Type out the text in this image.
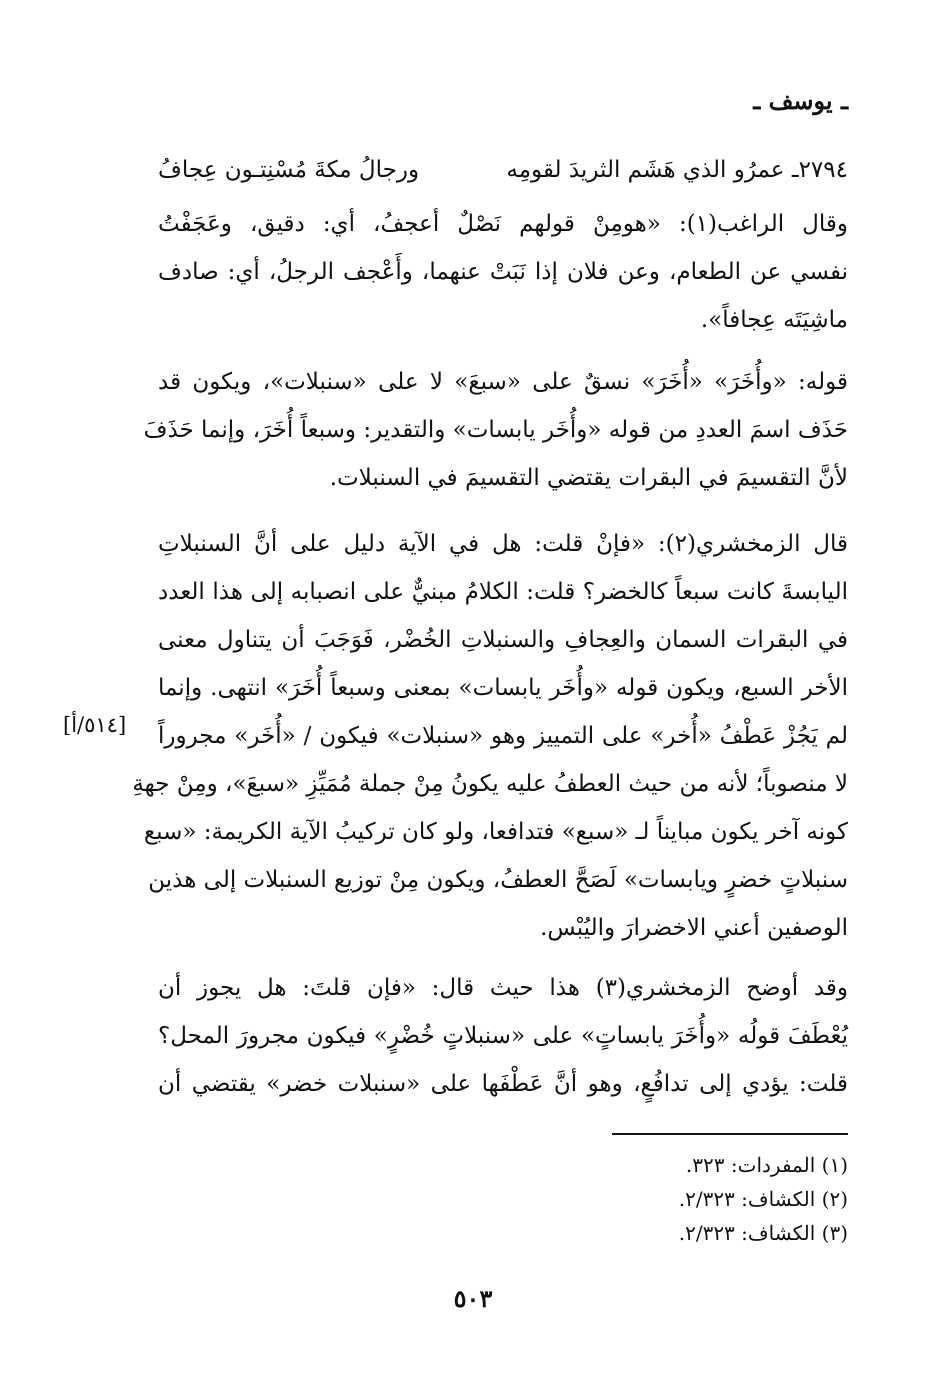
ـ يوسف ـ
٢٧٩٤ـ عمرُو الذي هَشَم الثريدَ لقومِه
ورجالُ مكةَ مُسْنِتـون عِجافُ
وقال الراغب(١): «هومِنْ قولهم نَصْلٌ أعجفُ، أي: دقيق، وعَجَفْتُ
نفسي عن الطعام، وعن فلان إذا نَبَتْ عنهما، وأَعْجف الرجلُ، أي: صادف
ماشِيَتَه عِجافاً».
قوله: «وأُخَرَ» «أُخَرَ» نسقٌ على «سبعَ» لا على «سنبلات»، ويكون قد
حَذَف اسمَ العددِ من قوله «وأُخَر يابسات» والتقدير: وسبعاً أُخَرَ، وإنما حَذَفَ
لأنَّ التقسيمَ في البقرات يقتضي التقسيمَ في السنبلات.
قال الزمخشري(٢): «فإنْ قلت: هل في الآية دليل على أنَّ السنبلاتِ
اليابسةَ كانت سبعاً كالخضر؟ قلت: الكلامُ مبنيٌّ على انصبابه إلى هذا العدد
في البقرات السمان والعِجافِ والسنبلاتِ الخُضْر، فَوَجَبَ أن يتناول معنى
الأخر السبع، ويكون قوله «وأُخَر يابسات» بمعنى وسبعاً أُخَرَ» انتهى. وإنما
لم يَجُزْ عَطْفُ «أُخر» على التمييز وهو «سنبلات» فيكون / «أُخَر» مجروراً
لا منصوباً؛ لأنه من حيث العطفُ عليه يكونُ مِنْ جملة مُمَيِّزِ «سبعَ»، ومِنْ جهةِ
كونه آخر يكون مبايناً لـ «سبع» فتدافعا، ولو كان تركيبُ الآية الكريمة: «سبع
سنبلاتٍ خضرٍ ويابسات» لَصَحَّ العطفُ، ويكون مِنْ توزيع السنبلات إلى هذين
الوصفين أعني الاخضرارَ واليُبْس.
[٥١٤/أ]
وقد أوضح الزمخشري(٣) هذا حيث قال: «فإن قلتَ: هل يجوز أن
يُعْطَفَ قولُه «وأُخَرَ يابساتٍ» على «سنبلاتٍ خُضْرٍ» فيكون مجرورَ المحل؟
قلت: يؤدي إلى تدافُعٍ، وهو أنَّ عَطْفَها على «سنبلات خضر» يقتضي أن
(١) المفردات: ٣٢٣.
(٢) الكشاف: ٢/٣٢٣.
(٣) الكشاف: ٢/٣٢٣.
٥٠٣
